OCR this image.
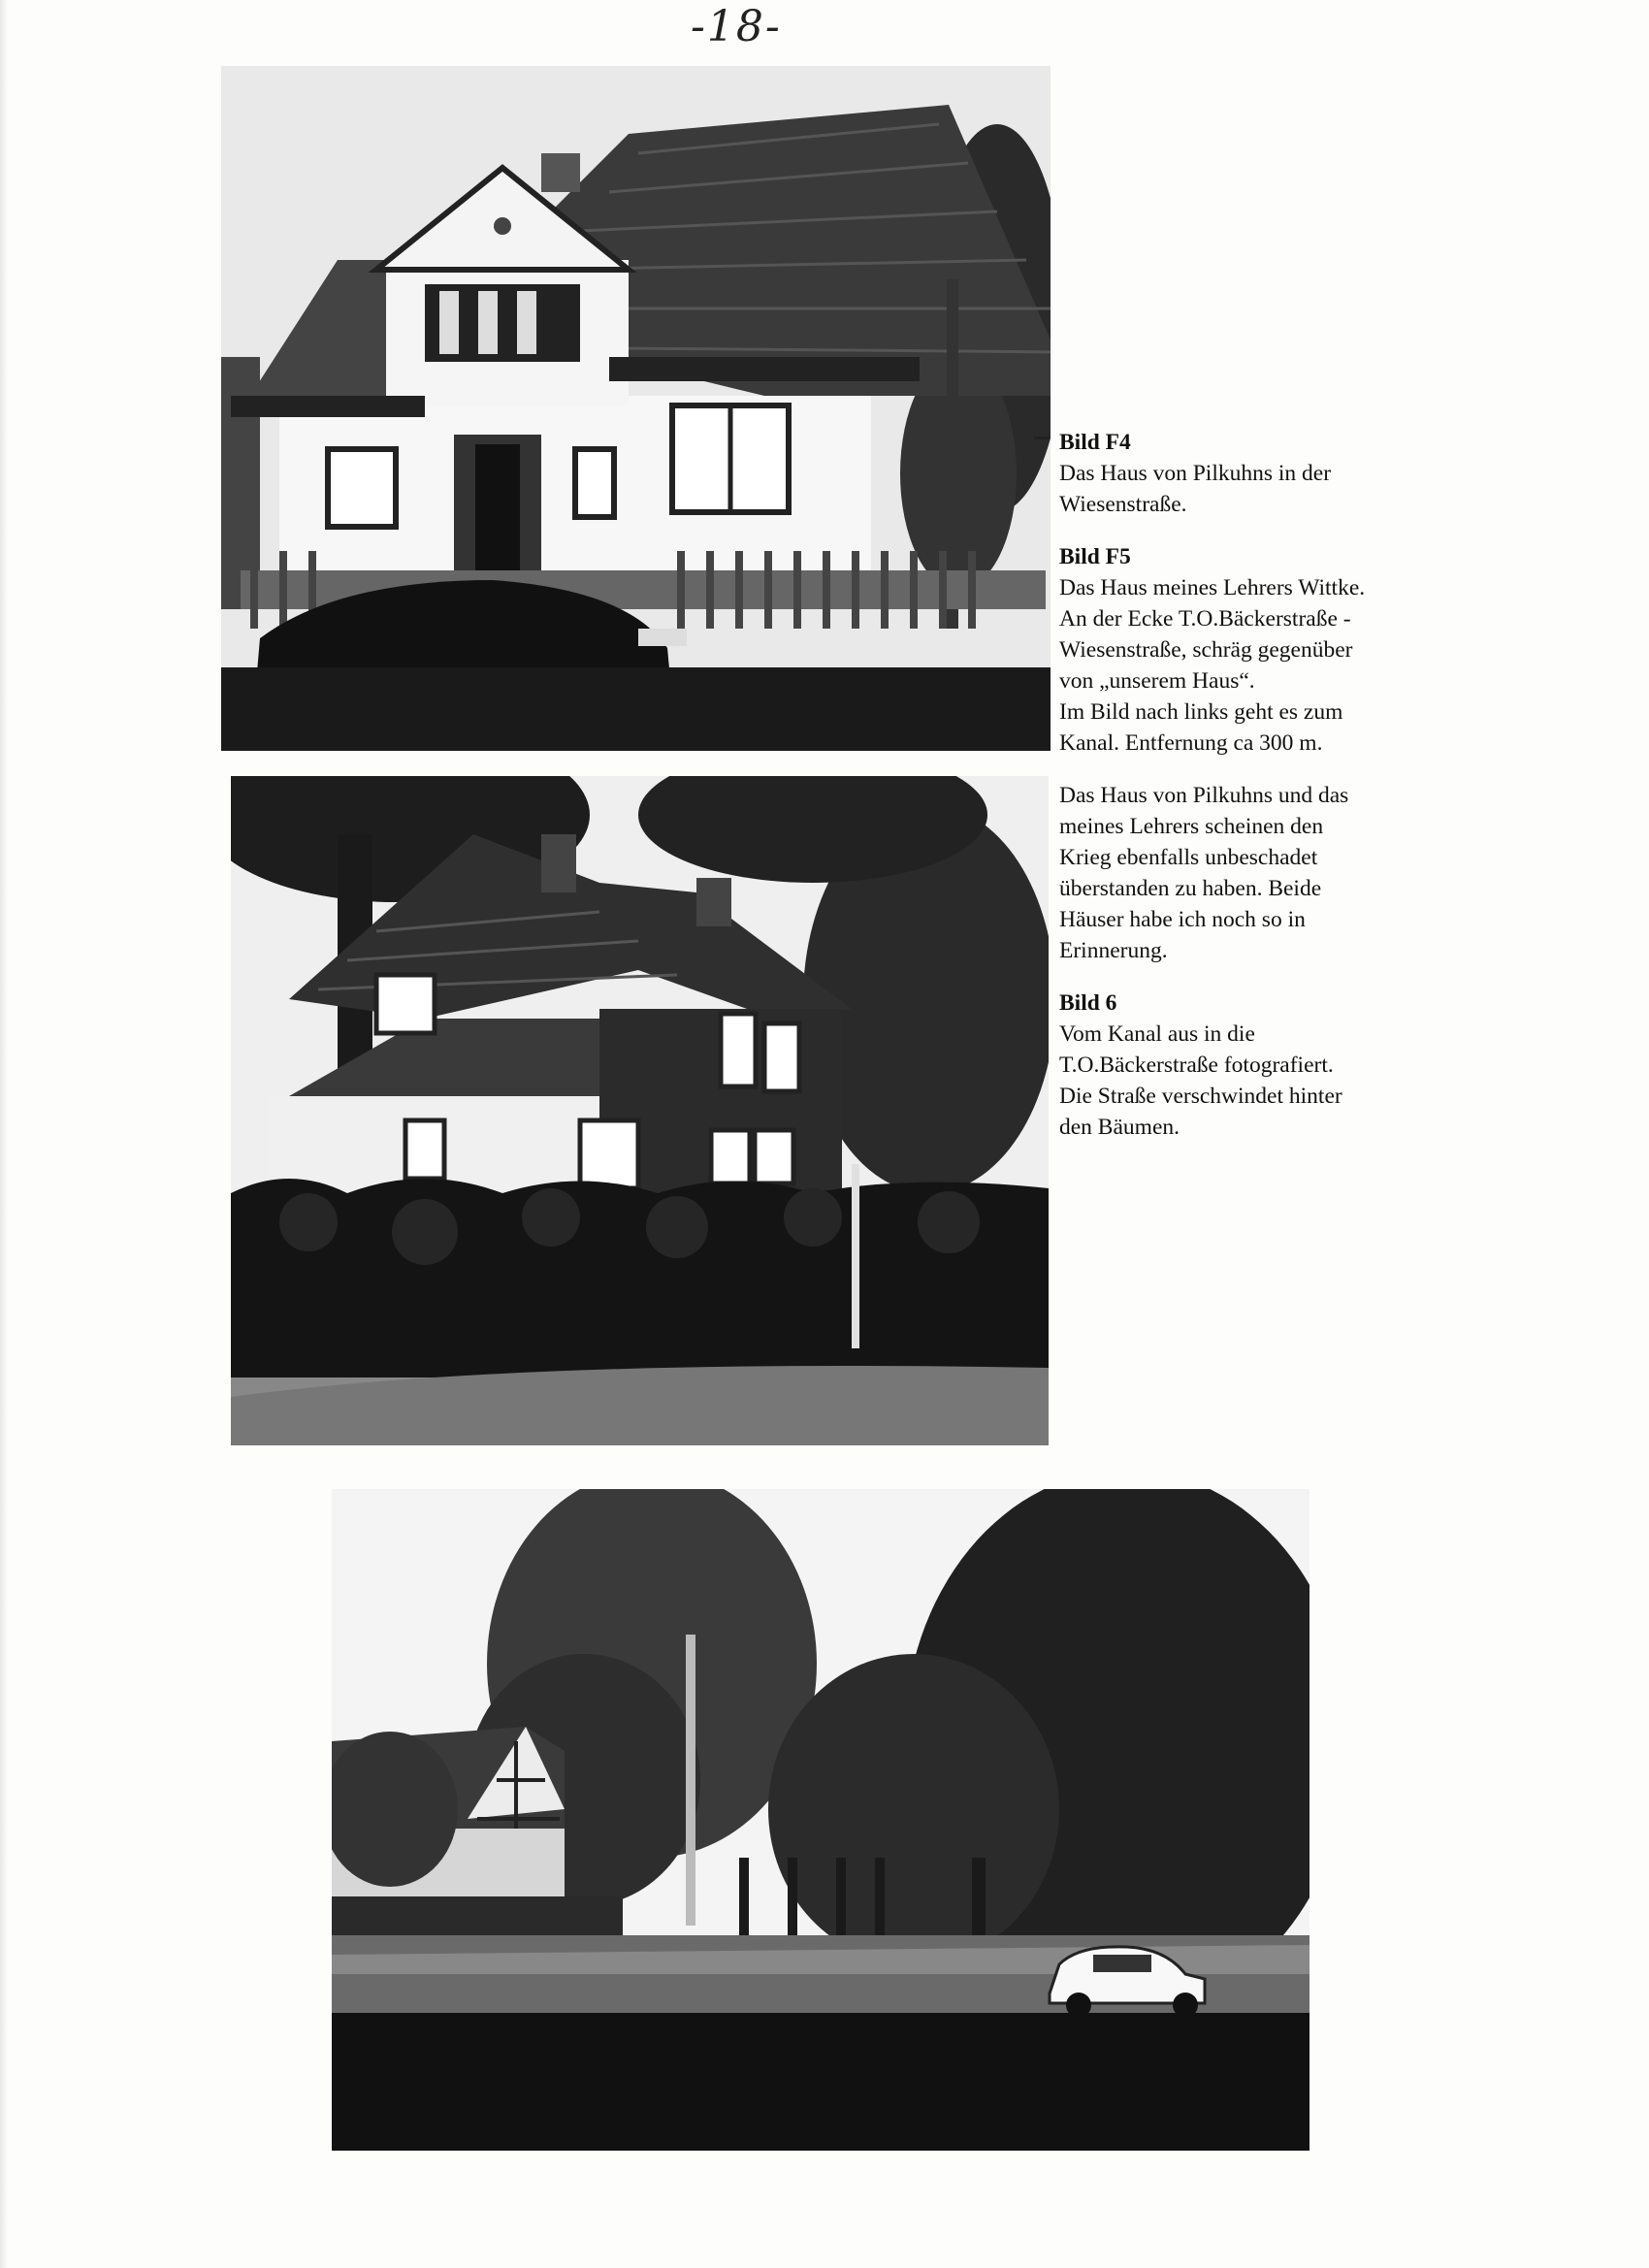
-18-
Bild F4
Das Haus von Pilkuhns in der
Wiesenstraße.
Bild F5
Das Haus meines Lehrers Wittke.
An der Ecke T.O.Bäckerstraße -
Wiesenstraße, schräg gegenüber
von „unserem Haus“.
Im Bild nach links geht es zum
Kanal. Entfernung ca 300 m.
Das Haus von Pilkuhns und das
meines Lehrers scheinen den
Krieg ebenfalls unbeschadet
überstanden zu haben. Beide
Häuser habe ich noch so in
Erinnerung.
Bild 6
Vom Kanal aus in die
T.O.Bäckerstraße fotografiert.
Die Straße verschwindet hinter
den Bäumen.
